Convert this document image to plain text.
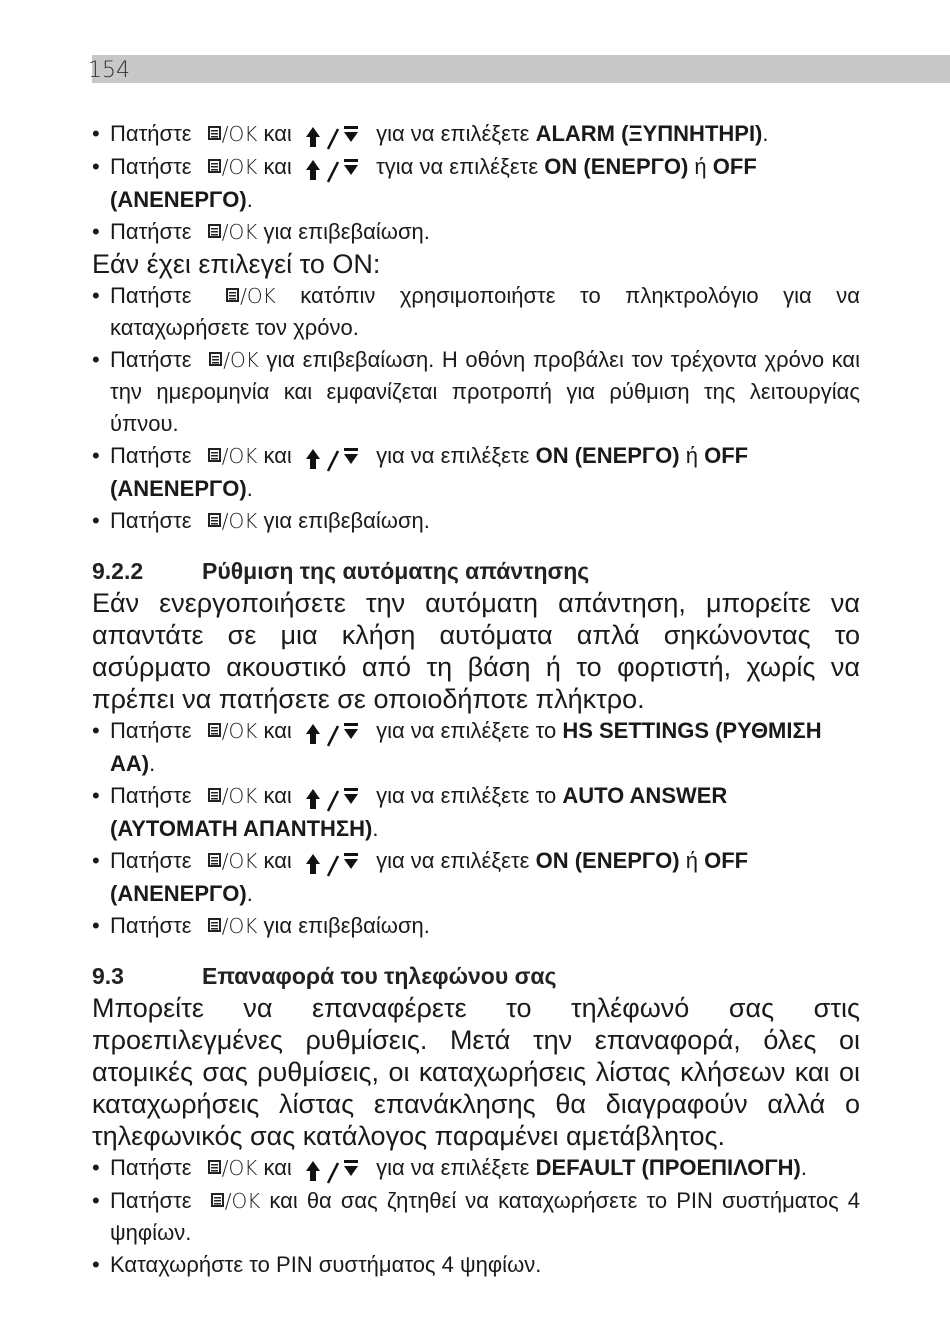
154
• Πατήστε /OK και	για να επιλέξετε ALARM (ΞΥΠΝΗΤΗΡΙ).
• Πατήστε /OK και	τγια να επιλέξετε ON (ΕΝΕΡΓΟ) ή OFF (ΑΝΕΝΕΡΓΟ).
• Πατήστε /OK για επιβεβαίωση.
Εάν έχει επιλεγεί το ON:
• Πατήστε /OK κατόπιν χρησιμοποιήστε το πληκτρολόγιο για να καταχωρήσετε τον χρόνο.
• Πατήστε /OK για επιβεβαίωση. Η οθόνη προβάλει τον τρέχοντα χρόνο και την ημερομηνία και εμφανίζεται προτροπή για ρύθμιση της λειτουργίας ύπνου.
• Πατήστε /OK και	για να επιλέξετε ON (ΕΝΕΡΓΟ) ή OFF (ΑΝΕΝΕΡΓΟ).
• Πατήστε /OK για επιβεβαίωση.
9.2.2	Ρύθμιση της αυτόματης απάντησης
Εάν ενεργοποιήσετε την αυτόματη απάντηση, μπορείτε να απαντάτε σε μια κλήση αυτόματα απλά σηκώνοντας το ασύρματο ακουστικό από τη βάση ή το φορτιστή, χωρίς να πρέπει να πατήσετε σε οποιοδήποτε πλήκτρο.
• Πατήστε /OK και	για να επιλέξετε το HS SETTINGS (ΡΥΘΜΙΣΗ ΑΑ).
• Πατήστε /OK και	για να επιλέξετε το AUTO ANSWER (ΑΥΤΟΜΑΤΗ ΑΠΑΝΤΗΣΗ).
• Πατήστε /OK και	για να επιλέξετε ON (ΕΝΕΡΓΟ) ή OFF (ΑΝΕΝΕΡΓΟ).
• Πατήστε /OK για επιβεβαίωση.
9.3	Επαναφορά του τηλεφώνου σας
Μπορείτε να επαναφέρετε το τηλέφωνό σας στις προεπιλεγμένες ρυθμίσεις. Μετά την επαναφορά, όλες οι ατομικές σας ρυθμίσεις, οι καταχωρήσεις λίστας κλήσεων και οι καταχωρήσεις λίστας επανάκλησης θα διαγραφούν αλλά ο τηλεφωνικός σας κατάλογος παραμένει αμετάβλητος.
• Πατήστε /OK και	για να επιλέξετε DEFAULT (ΠΡΟΕΠΙΛΟΓΗ).
• Πατήστε /OK και θα σας ζητηθεί να καταχωρήσετε το PIN συστήματος 4 ψηφίων.
• Καταχωρήστε το PIN συστήματος 4 ψηφίων.
